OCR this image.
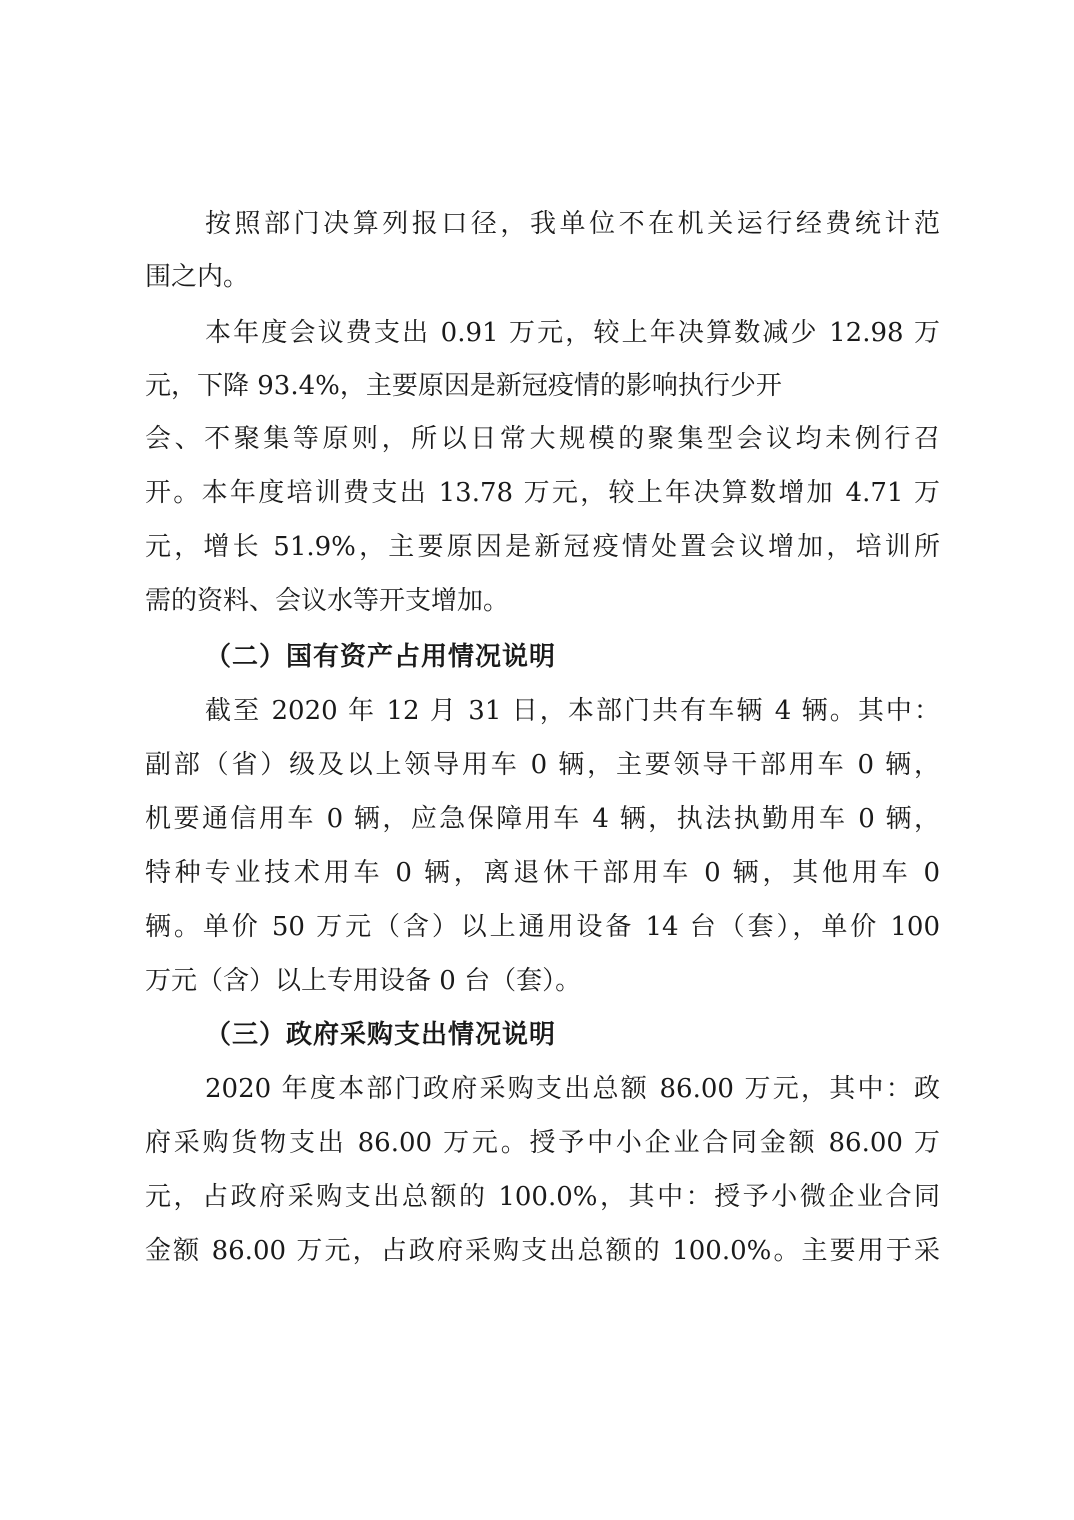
按照部门决算列报口径，我单位不在机关运行经费统计范
围之内。
本年度会议费支出 0.91 万元，较上年决算数减少 12.98 万
元，下降 93.4%，主要原因是新冠疫情的影响执行少开
会、不聚集等原则，所以日常大规模的聚集型会议均未例行召
开。本年度培训费支出 13.78 万元，较上年决算数增加 4.71 万
元，增长 51.9%，主要原因是新冠疫情处置会议增加，培训所
需的资料、会议水等开支增加。
（二）国有资产占用情况说明
截至 2020 年 12 月 31 日，本部门共有车辆 4 辆。其中：
副部（省）级及以上领导用车 0 辆，主要领导干部用车 0 辆，
机要通信用车 0 辆，应急保障用车 4 辆，执法执勤用车 0 辆，
特种专业技术用车 0 辆，离退休干部用车 0 辆，其他用车 0
辆。单价 50 万元（含）以上通用设备 14 台（套），单价 100
万元（含）以上专用设备 0 台（套）。
（三）政府采购支出情况说明
2020 年度本部门政府采购支出总额 86.00 万元，其中：政
府采购货物支出 86.00 万元。授予中小企业合同金额 86.00 万
元，占政府采购支出总额的 100.0%，其中：授予小微企业合同
金额 86.00 万元，占政府采购支出总额的 100.0%。主要用于采
